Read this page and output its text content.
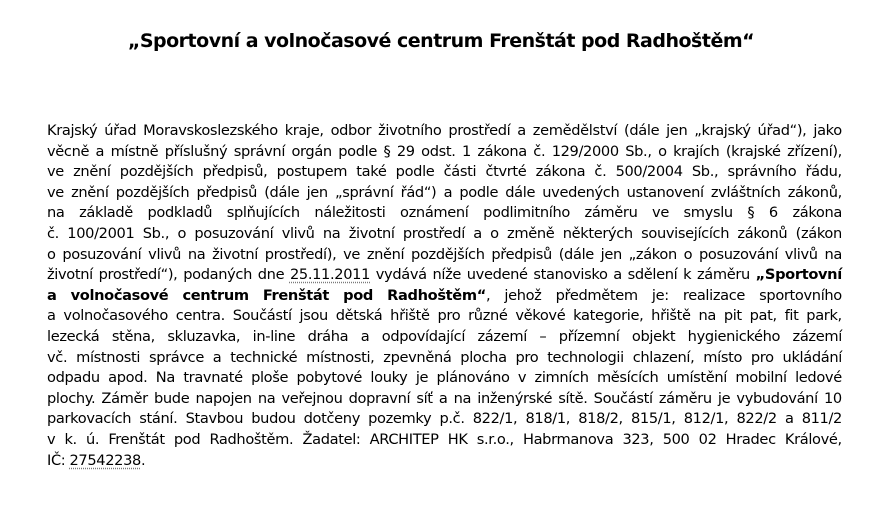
„Sportovní a volnočasové centrum Frenštát pod Radhoštěm“
Krajský úřad Moravskoslezského kraje, odbor životního prostředí a zemědělství (dále jen „krajský úřad“), jako
věcně a místně příslušný správní orgán podle § 29 odst. 1 zákona č. 129/2000 Sb., o krajích (krajské zřízení),
ve znění pozdějších předpisů, postupem také podle části čtvrté zákona č. 500/2004 Sb., správního řádu,
ve znění pozdějších předpisů (dále jen „správní řád“) a podle dále uvedených ustanovení zvláštních zákonů,
na základě podkladů splňujících náležitosti oznámení podlimitního záměru ve smyslu § 6 zákona
č. 100/2001 Sb., o posuzování vlivů na životní prostředí a o změně některých souvisejících zákonů (zákon
o posuzování vlivů na životní prostředí), ve znění pozdějších předpisů (dále jen „zákon o posuzování vlivů na
životní prostředí“), podaných dne 25.11.2011 vydává níže uvedené stanovisko a sdělení k záměru „Sportovní
a volnočasové centrum Frenštát pod Radhoštěm“, jehož předmětem je: realizace sportovního
a volnočasového centra. Součástí jsou dětská hřiště pro různé věkové kategorie, hřiště na pit pat, fit park,
lezecká stěna, skluzavka, in-line dráha a odpovídající zázemí – přízemní objekt hygienického zázemí
vč. místnosti správce a technické místnosti, zpevněná plocha pro technologii chlazení, místo pro ukládání
odpadu apod. Na travnaté ploše pobytové louky je plánováno v zimních měsících umístění mobilní ledové
plochy. Záměr bude napojen na veřejnou dopravní síť a na inženýrské sítě. Součástí záměru je vybudování 10
parkovacích stání. Stavbou budou dotčeny pozemky p.č. 822/1, 818/1, 818/2, 815/1, 812/1, 822/2 a 811/2
v k. ú. Frenštát pod Radhoštěm. Žadatel: ARCHITEP HK s.r.o., Habrmanova 323, 500 02 Hradec Králové,
IČ: 27542238.
